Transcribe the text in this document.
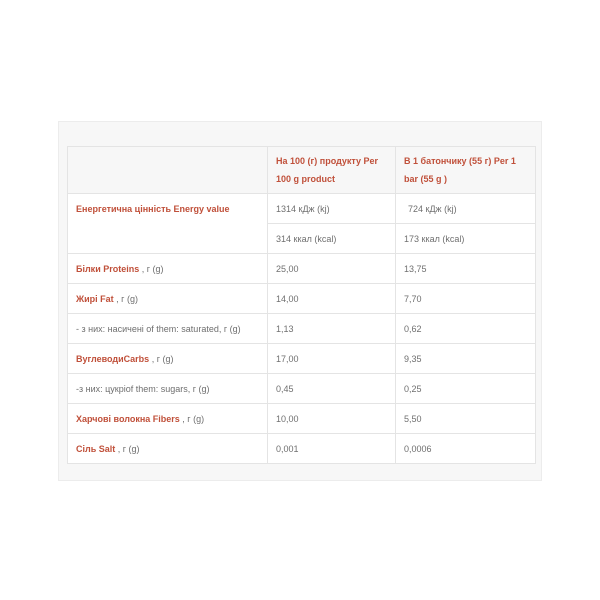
	На 100 (г) продукту Per 100 g product	В 1 батончику (55 г) Per 1 bar (55 g )
Енергетична цінність Energy value	1314 кДж (kj)	724 кДж (kj)
	314 ккал (kcal)	173 ккал (kcal)
Білки Proteins , г (g)	25,00	13,75
Жирі Fat , г (g)	14,00	7,70
- з них: насичені of them: saturated, г (g)	1,13	0,62
ВуглеводиCarbs , г (g)	17,00	9,35
-з них: цукріof them: sugars, г (g)	0,45	0,25
Харчові волокна Fibers , г (g)	10,00	5,50
Сіль Salt , г (g)	0,001	0,0006
